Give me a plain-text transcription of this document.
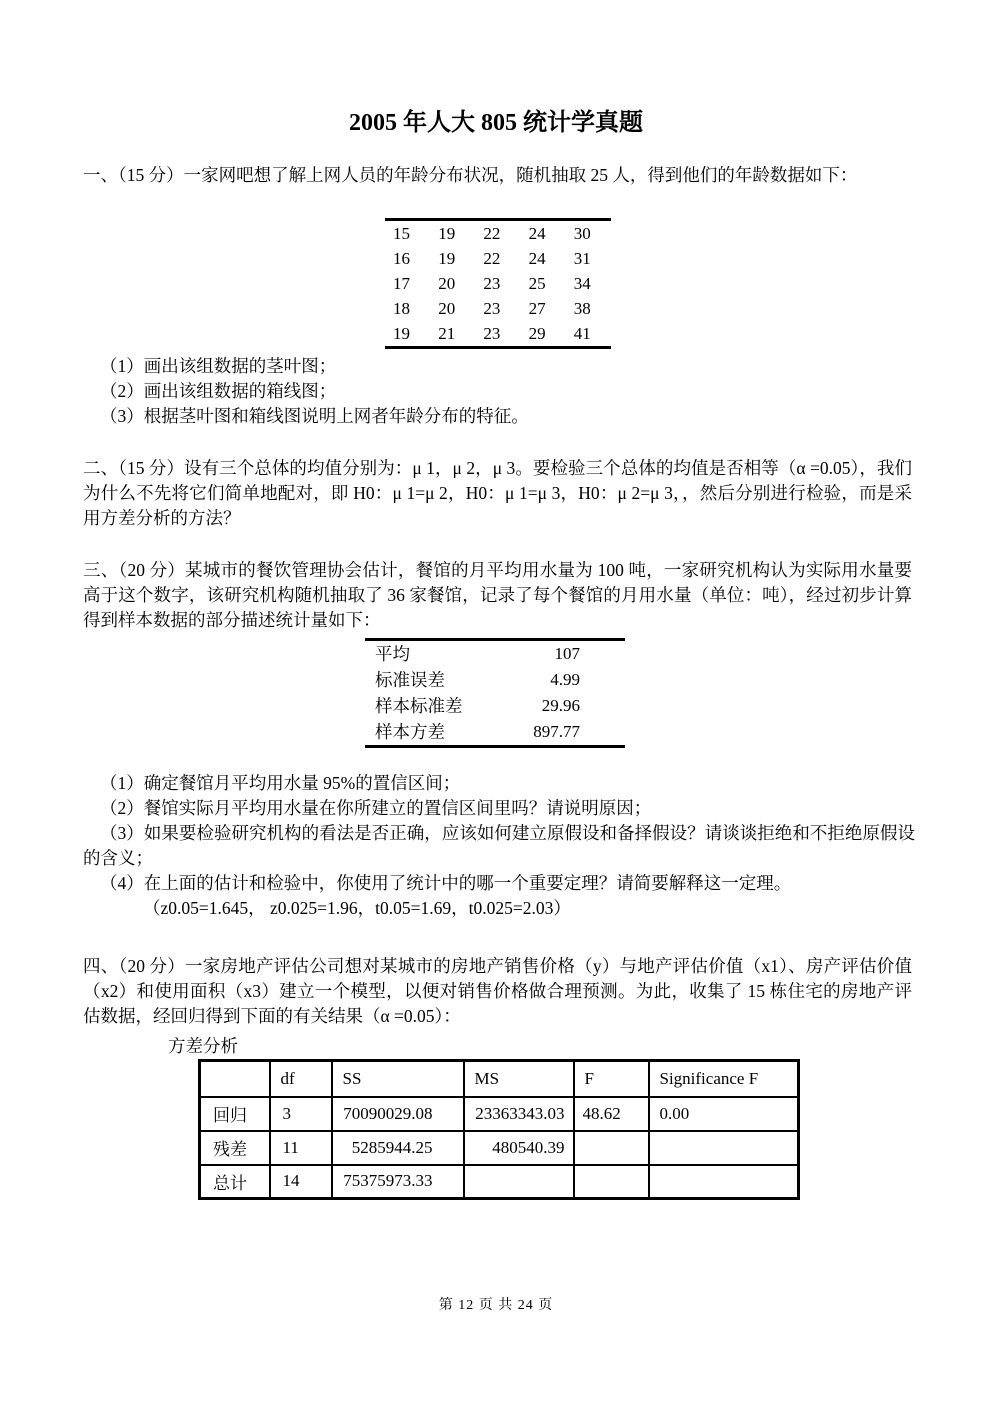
2005 年人大 805 统计学真题
一、（15 分）一家网吧想了解上网人员的年龄分布状况，随机抽取 25 人，得到他们的年龄数据如下：
15	19	22	24	30
16	19	22	24	31
17	20	23	25	34
18	20	23	27	38
19	21	23	29	41
（1）画出该组数据的茎叶图；
（2）画出该组数据的箱线图；
（3）根据茎叶图和箱线图说明上网者年龄分布的特征。
二、（15 分）设有三个总体的均值分别为：μ 1，μ 2，μ 3。要检验三个总体的均值是否相等（α =0.05），我们为什么不先将它们简单地配对，即 H0：μ 1=μ 2，H0：μ 1=μ 3，H0：μ 2=μ 3，，然后分别进行检验，而是采用方差分析的方法？
三、（20 分）某城市的餐饮管理协会估计，餐馆的月平均用水量为 100 吨，一家研究机构认为实际用水量要高于这个数字，该研究机构随机抽取了 36 家餐馆，记录了每个餐馆的月用水量（单位：吨），经过初步计算得到样本数据的部分描述统计量如下：
平均	107
标准误差	4.99
样本标准差	29.96
样本方差	897.77
（1）确定餐馆月平均用水量 95%的置信区间；
（2）餐馆实际月平均用水量在你所建立的置信区间里吗？请说明原因；
（3）如果要检验研究机构的看法是否正确，应该如何建立原假设和备择假设？请谈谈拒绝和不拒绝原假设的含义；
（4）在上面的估计和检验中，你使用了统计中的哪一个重要定理？请简要解释这一定理。
（z0.05=1.645， z0.025=1.96，t0.05=1.69，t0.025=2.03）
四、（20 分）一家房地产评估公司想对某城市的房地产销售价格（y）与地产评估价值（x1）、房产评估价值（x2）和使用面积（x3）建立一个模型，以便对销售价格做合理预测。为此，收集了 15 栋住宅的房地产评估数据，经回归得到下面的有关结果（α =0.05）：
方差分析
	df	SS	MS	F	Significance F
回归	3	70090029.08	23363343.03	48.62	0.00
残差	11	5285944.25	480540.39		
总计	14	75375973.33			
第 12 页 共 24 页
